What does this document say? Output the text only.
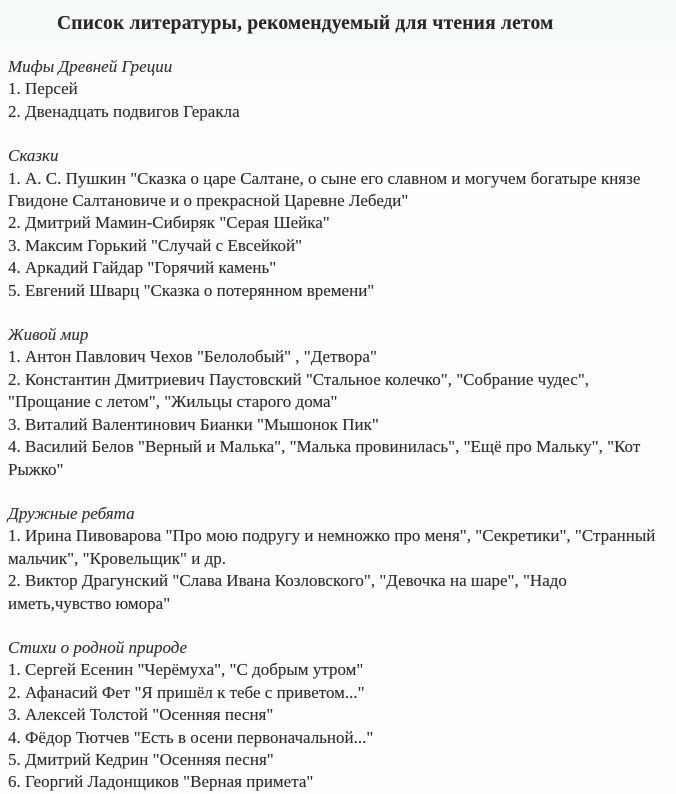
Список литературы, рекомендуемый для чтения летом
Мифы Древней Греции

1. Персей

2. Двенадцать подвигов Геракла

Сказки

1. А. С. Пушкин "Сказка о царе Салтане, о сыне его славном и могучем богатыре князе Гвидоне Салтановиче и о прекрасной Царевне Лебеди"

2. Дмитрий Мамин-Сибиряк "Серая Шейка"

3. Максим Горький "Случай с Евсейкой"

4. Аркадий Гайдар "Горячий камень"

5. Евгений Шварц "Сказка о потерянном времени"

Живой мир

1. Антон Павлович Чехов "Белолобый" , "Детвора"

2. Константин Дмитриевич Паустовский "Стальное колечко", "Собрание чудес", "Прощание с летом", "Жильцы старого дома"

3. Виталий Валентинович Бианки "Мышонок Пик"

4. Василий Белов "Верный и Малька", "Малька провинилась", "Ещё про Мальку", "Кот Рыжко"

Дружные ребята

1. Ирина Пивоварова "Про мою подругу и немножко про меня", "Секретики", "Странный мальчик", "Кровельщик" и др.

2. Виктор Драгунский "Слава Ивана Козловского", "Девочка на шаре", "Надо иметь,чувство юмора"

Стихи о родной природе

1. Сергей Есенин "Черёмуха", "С добрым утром"

2. Афанасий Фет "Я пришёл к тебе с приветом..."

3. Алексей Толстой "Осенняя песня"

4. Фёдор Тютчев "Есть в осени первоначальной..."

5. Дмитрий Кедрин "Осенняя песня"

6. Георгий Ладонщиков "Верная примета"
